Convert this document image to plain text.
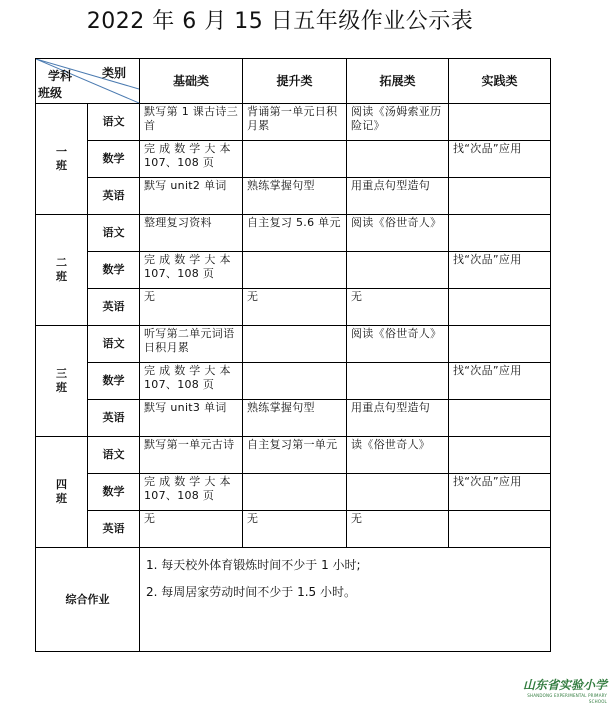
2022 年 6 月 15 日五年级作业公示表
类别
学科
班级		基础类	提升类	拓展类	实践类
一
班	语文	默写第 1 课古诗三首	背诵第一单元日积月累	阅读《汤姆索亚历险记》	
	数学	完 成 数 学 大 本 107、108 页			找“次品”应用
	英语	默写 unit2 单词	熟练掌握句型	用重点句型造句	
二
班	语文	整理复习资料	自主复习 5.6 单元	阅读《俗世奇人》	
	数学	完 成 数 学 大 本 107、108 页			找“次品”应用
	英语	无	无	无	
三
班	语文	听写第二单元词语日积月累		阅读《俗世奇人》	
	数学	完 成 数 学 大 本 107、108 页			找“次品”应用
	英语	默写 unit3 单词	熟练掌握句型	用重点句型造句	
四
班	语文	默写第一单元古诗	自主复习第一单元	读《俗世奇人》	
	数学	完 成 数 学 大 本 107、108 页			找“次品”应用
	英语	无	无	无	
综合作业		1. 每天校外体育锻炼时间不少于 1 小时;
2. 每周居家劳动时间不少于 1.5 小时。			
山东省实验小学
SHANDONG EXPERIMENTAL PRIMARY SCHOOL
